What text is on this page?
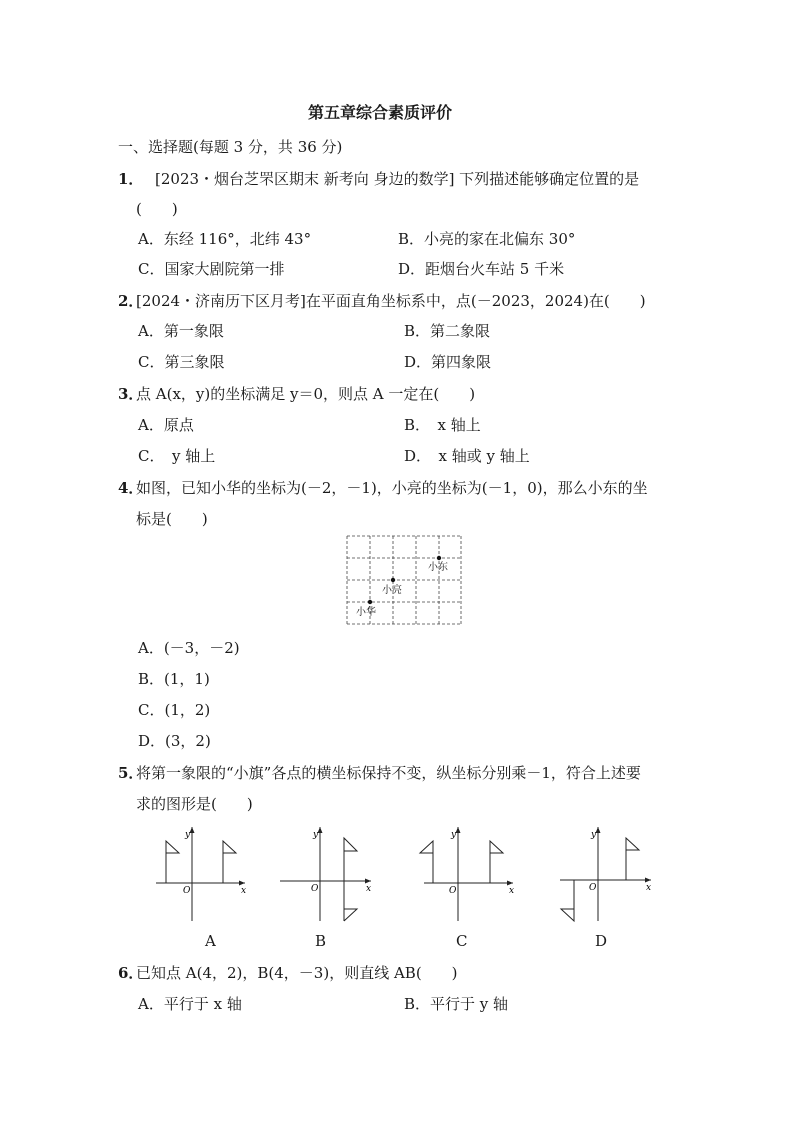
第五章综合素质评价
一、选择题(每题 3 分，共 36 分)
1． [2023・烟台芝罘区期末 新考向 身边的数学] 下列描述能够确定位置的是
(　　)
A．东经 116°，北纬 43°	B．小亮的家在北偏东 30°
C．国家大剧院第一排	D．距烟台火车站 5 千米
2．
[2024・济南历下区月考]在平面直角坐标系中，点(－2023，2024)在(　　)
A．第一象限	B．第二象限
C．第三象限	D．第四象限
3．
点 A(x，y)的坐标满足 y＝0，则点 A 一定在(　　)
A．原点	B．　x 轴上
C．　y 轴上	D．　x 轴或 y 轴上
4．
如图，已知小华的坐标为(－2，－1)，小亮的坐标为(－1，0)，那么小东的坐
标是(　　)
小东
小亮
小华
A．(－3，－2)
B．(1，1)
C．(1，2)
D．(3，2)
5．
将第一象限的“小旗”各点的横坐标保持不变，纵坐标分别乘－1，符合上述要
求的图形是(　　)
y
x
O
A
y
x
O
B
y
x
O
C
y
x
O
D
6．
已知点 A(4，2)，B(4，－3)，则直线 AB(　　)
A．平行于 x 轴	B．平行于 y 轴
